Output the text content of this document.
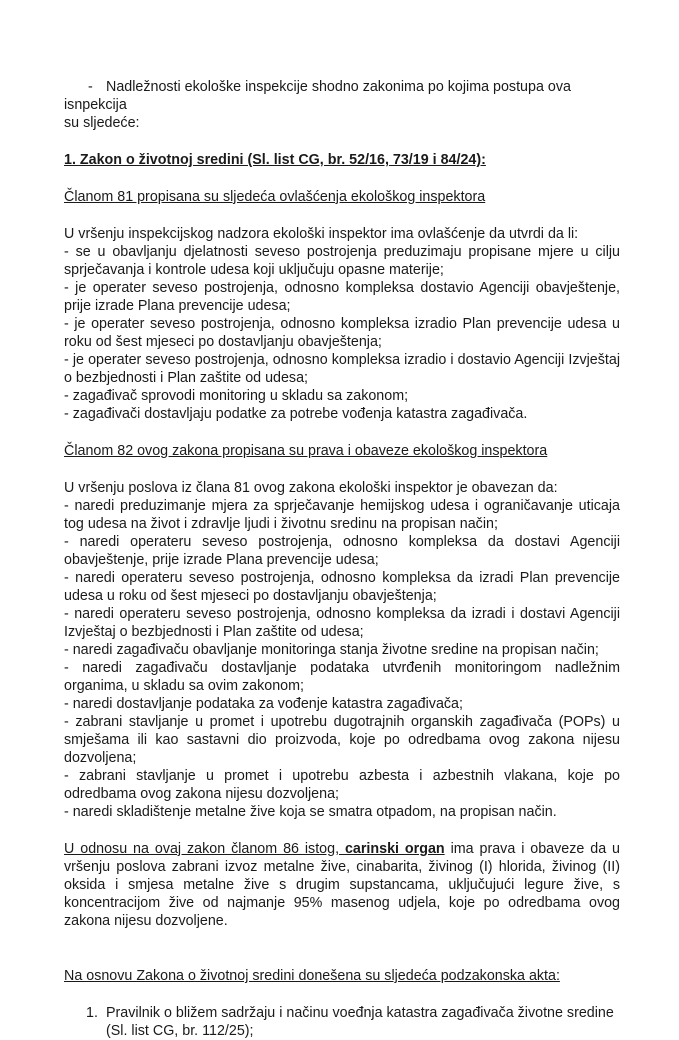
- Nadležnosti ekološke inspekcije shodno zakonima po kojima postupa ova isnpekcija
su sljedeće:

1. Zakon o životnoj sredini (Sl. list CG, br. 52/16, 73/19 i 84/24):

Članom 81 propisana su sljedeća ovlašćenja ekološkog inspektora

U vršenju inspekcijskog nadzora ekološki inspektor ima ovlašćenje da utvrdi da li:
- se u obavljanju djelatnosti seveso postrojenja preduzimaju propisane mjere u cilju sprječavanja i kontrole udesa koji uključuju opasne materije;
- je operater seveso postrojenja, odnosno kompleksa dostavio Agenciji obavještenje, prije izrade Plana prevencije udesa;
- je operater seveso postrojenja, odnosno kompleksa izradio Plan prevencije udesa u roku od šest mjeseci po dostavljanju obavještenja;
- je operater seveso postrojenja, odnosno kompleksa izradio i dostavio Agenciji Izvještaj o bezbjednosti i Plan zaštite od udesa;
- zagađivač sprovodi monitoring u skladu sa zakonom;
- zagađivači dostavljaju podatke za potrebe vođenja katastra zagađivača.

Članom 82 ovog zakona propisana su prava i obaveze ekološkog inspektora

U vršenju poslova iz člana 81 ovog zakona ekološki inspektor je obavezan da:
- naredi preduzimanje mjera za sprječavanje hemijskog udesa i ograničavanje uticaja tog udesa na život i zdravlje ljudi i životnu sredinu na propisan način;
- naredi operateru seveso postrojenja, odnosno kompleksa da dostavi Agenciji obavještenje, prije izrade Plana prevencije udesa;
- naredi operateru seveso postrojenja, odnosno kompleksa da izradi Plan prevencije udesa u roku od šest mjeseci po dostavljanju obavještenja;
- naredi operateru seveso postrojenja, odnosno kompleksa da izradi i dostavi Agenciji Izvještaj o bezbjednosti i Plan zaštite od udesa;
- naredi zagađivaču obavljanje monitoringa stanja životne sredine na propisan način;
- naredi zagađivaču dostavljanje podataka utvrđenih monitoringom nadležnim organima, u skladu sa ovim zakonom;
- naredi dostavljanje podataka za vođenje katastra zagađivača;
- zabrani stavljanje u promet i upotrebu dugotrajnih organskih zagađivača (POPs) u smješama ili kao sastavni dio proizvoda, koje po odredbama ovog zakona nijesu dozvoljena;
- zabrani stavljanje u promet i upotrebu azbesta i azbestnih vlakana, koje po odredbama ovog zakona nijesu dozvoljena;
- naredi skladištenje metalne žive koja se smatra otpadom, na propisan način.

U odnosu na ovaj zakon članom 86 istog, carinski organ ima prava i obaveze da u vršenju poslova zabrani izvoz metalne žive, cinabarita, živinog (I) hlorida, živinog (II) oksida i smjesa metalne žive s drugim supstancama, uključujući legure žive, s koncentracijom žive od najmanje 95% masenog udjela, koje po odredbama ovog zakona nijesu dozvoljene.

Na osnovu Zakona o životnoj sredini donešena su sljedeća podzakonska akta:

1. Pravilnik o bližem sadržaju i načinu voeđnja katastra zagađivača životne sredine (Sl. list CG, br. 112/25);
